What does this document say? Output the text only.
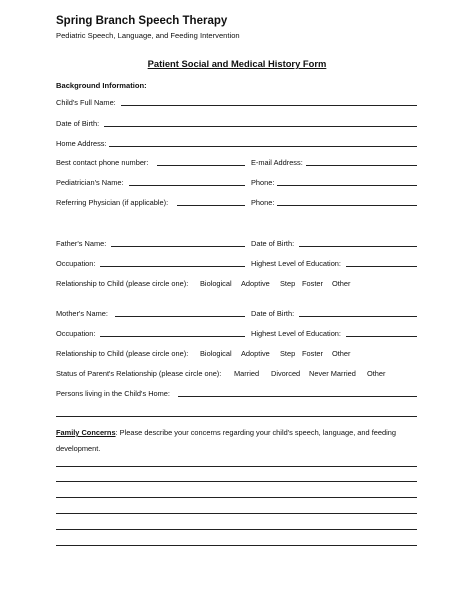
Spring Branch Speech Therapy
Pediatric Speech, Language, and Feeding Intervention
Patient Social and Medical History Form
Background Information:
Child's Full Name:
Date of Birth:
Home Address:
Best contact phone number:	E-mail Address:
Pediatrician's Name:	Phone:
Referring Physician (if applicable):	Phone:
Father's Name:	Date of Birth:
Occupation:	Highest Level of Education:
Relationship to Child (please circle one): Biological Adoptive Step Foster Other
Mother's Name:	Date of Birth:
Occupation:	Highest Level of Education:
Relationship to Child (please circle one): Biological Adoptive Step Foster Other
Status of Parent's Relationship (please circle one): Married Divorced Never Married Other
Persons living in the Child's Home:
Family Concerns: Please describe your concerns regarding your child's speech, language, and feeding
development.
